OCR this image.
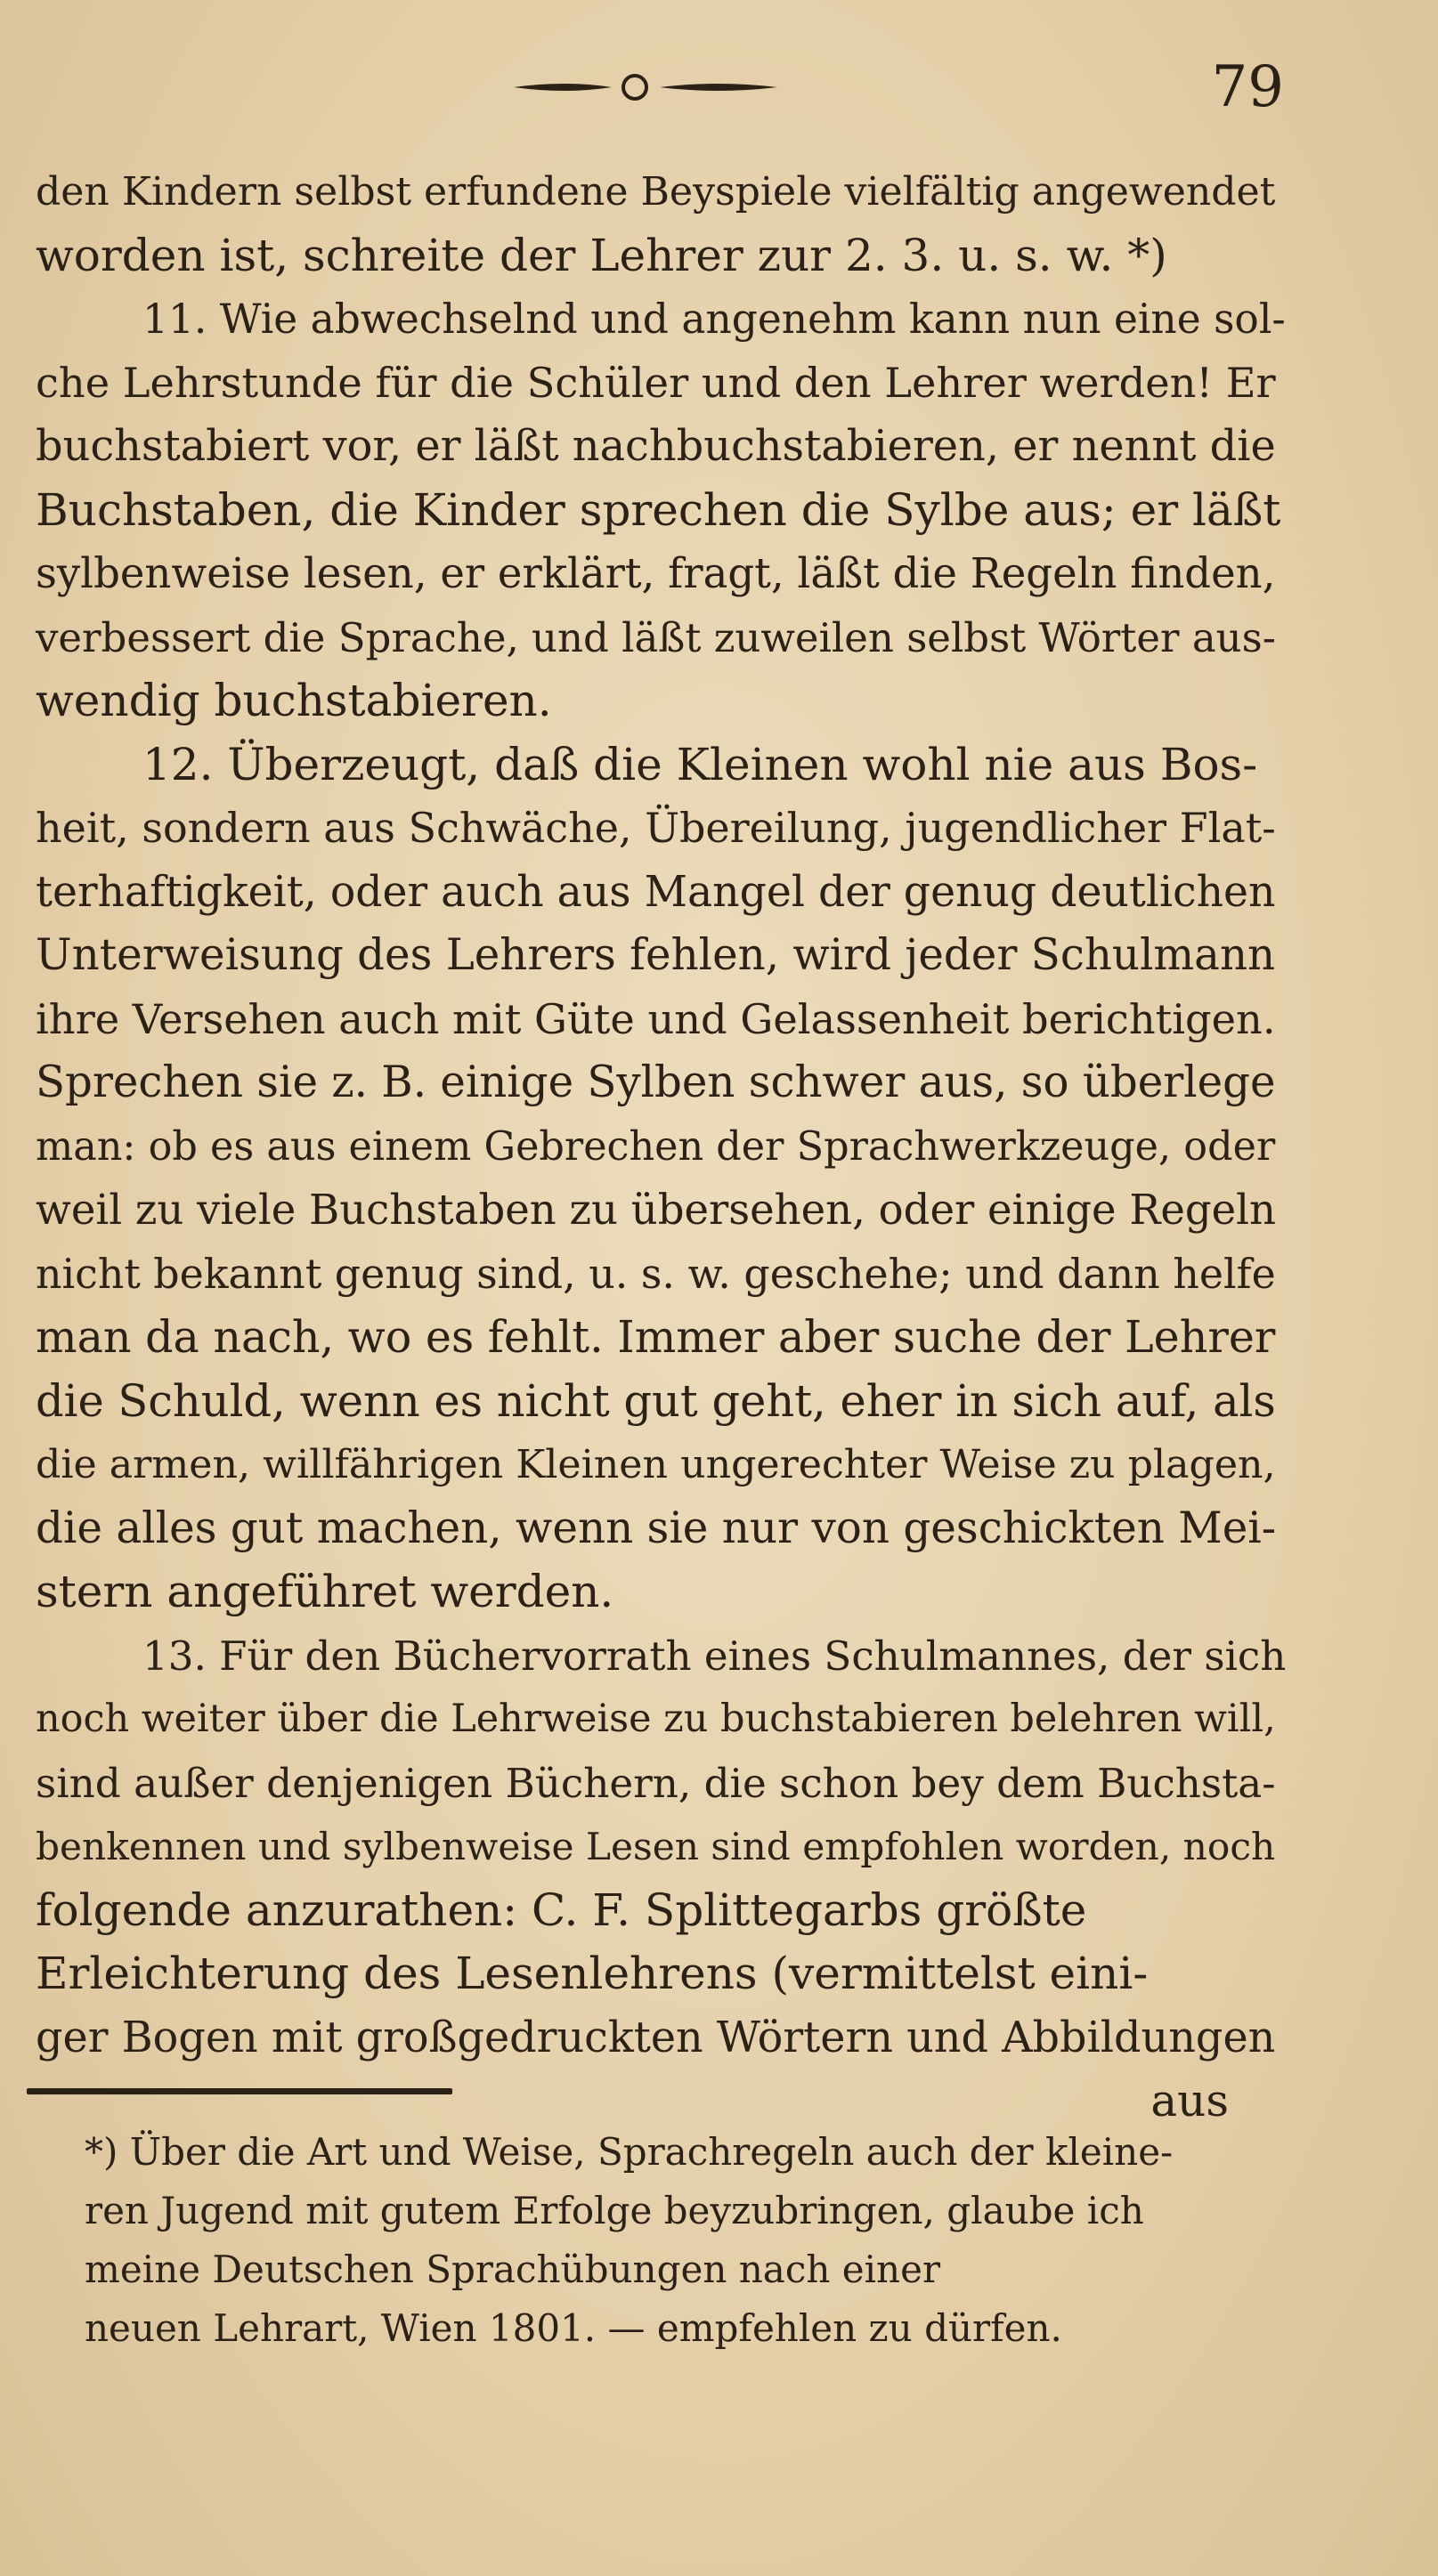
79
den Kindern selbst erfundene Beyspiele vielfältig angewendet
worden ist, schreite der Lehrer zur 2. 3. u. s. w. *)
11. Wie abwechselnd und angenehm kann nun eine sol-
che Lehrstunde für die Schüler und den Lehrer werden! Er
buchstabiert vor, er läßt nachbuchstabieren, er nennt die
Buchstaben, die Kinder sprechen die Sylbe aus; er läßt
sylbenweise lesen, er erklärt, fragt, läßt die Regeln finden,
verbessert die Sprache, und läßt zuweilen selbst Wörter aus-
wendig buchstabieren.
12. Überzeugt, daß die Kleinen wohl nie aus Bos-
heit, sondern aus Schwäche, Übereilung, jugendlicher Flat-
terhaftigkeit, oder auch aus Mangel der genug deutlichen
Unterweisung des Lehrers fehlen, wird jeder Schulmann
ihre Versehen auch mit Güte und Gelassenheit berichtigen.
Sprechen sie z. B. einige Sylben schwer aus, so überlege
man: ob es aus einem Gebrechen der Sprachwerkzeuge, oder
weil zu viele Buchstaben zu übersehen, oder einige Regeln
nicht bekannt genug sind, u. s. w. geschehe; und dann helfe
man da nach, wo es fehlt. Immer aber suche der Lehrer
die Schuld, wenn es nicht gut geht, eher in sich auf, als
die armen, willfährigen Kleinen ungerechter Weise zu plagen,
die alles gut machen, wenn sie nur von geschickten Mei-
stern angeführet werden.
13. Für den Büchervorrath eines Schulmannes, der sich
noch weiter über die Lehrweise zu buchstabieren belehren will,
sind außer denjenigen Büchern, die schon bey dem Buchsta-
benkennen und sylbenweise Lesen sind empfohlen worden, noch
folgende anzurathen: C. F. Splittegarbs größte
Erleichterung des Lesenlehrens (vermittelst eini-
ger Bogen mit großgedruckten Wörtern und Abbildungen
aus
*) Über die Art und Weise, Sprachregeln auch der kleine-
ren Jugend mit gutem Erfolge beyzubringen, glaube ich
meine Deutschen Sprachübungen nach einer
neuen Lehrart, Wien 1801. — empfehlen zu dürfen.
